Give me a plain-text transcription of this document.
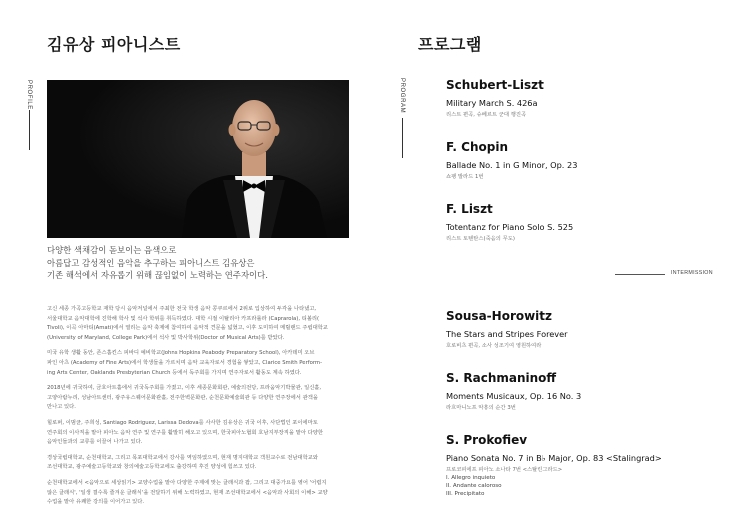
김유상 피아니스트
PROFILE
다양한 색채감이 돋보이는 음색으로
아름답고 감성적인 음악을 추구하는 피아니스트 김유상은
기존 해석에서 자유롭기 위해 끊임없이 노력하는 연주자이다.
고신 세종 가곡고등학교 재학 당시 음악저널에서 주최한 전국 학생 음악 콩쿠르에서 2위로 입상하여 두각을 나타냈고,
서울대학교 음악대학에 진학해 학사 및 석사 학위를 취득하였다. 대학 시절 이탈리아 카프라롤라 (Caprarola), 티볼리(
Tivoli), 이곡 아마티(Amati)에서 열리는 음악 축제에 참여하여 음악적 견문을 넓혔고, 이후 도미하여 메릴랜드 주립대학교
(University of Maryland, College Park)에서 석사 및 박사학위(Doctor of Musical Arts)를 받았다.
미국 유학 생활 동안, 존스홉킨스 피바디 예비학교(Johns Hopkins Peabody Preparatory School), 아카데미 오브
파인 아츠 (Academy of Fine Arts)에서 학생들을 가르치며 음악 교육자로서 경험을 쌓았고, Clarice Smith Perform-
ing Arts Center, Oaklands Presbyterian Church 등에서 독주회를 가지며 연주자로서 활동도 계속 하였다.
2018년에 귀국하여, 금호아트홀에서 귀국독주회를 가졌고, 이후 세종문화회관, 예술의전당, 프라움악기박물관, 일신홀,
고양아람누리, 성남아트센터, 광주유스퀘어문화관홀, 전주한벽문화관, 순천문화예술회관 등 다양한 연주장에서 관객을
만나고 있다.
힐로퍼, 이범균, 주희성, Santiago Rodriguez, Larissa Dedova를 사사한 김유상은 귀국 이후, 사단법인 포이에마토
연주회의 이사직을 맡아 피아노 음악 연주 및 연구를 활발히 해오고 있으며, 한국피아노협회 호남지부장직을 맡아 다양한
음악인들과의 교류를 이끌어 나가고 있다.
경상국립대학교, 순천대학교, 그리고 목포대학교에서 강사를 역임하였으며, 현재 명지대학교 객원교수로 전남대학교와
조선대학교, 광주예술고등학교와 창의예술고등학교에도 출강하며 후진 양성에 힘쓰고 있다.
순천대학교에서 <음악으로 세상읽기> 교양수업을 맡아 다양한 주제에 맞는 클래식과 팝, 그리고 대중가요를 엮어 '어렵지
않은 클래식', '일생 결수록 즐겨운 클래식'을 전달하기 위해 노력하였고, 현재 조선대학교에서 <음악과 사회의 이해> 교양
수업을 맡아 유쾌한 강의를 이어가고 있다.
프로그램
PROGRAM
INTERMISSION
Schubert-Liszt
Military March S. 426a
리스트 편곡, 슈베르트 군대 행진곡
F. Chopin
Ballade No. 1 in G Minor, Op. 23
쇼팽 발라드 1번
F. Liszt
Totentanz for Piano Solo S. 525
리스트 토텐탄스(죽음의 무도)
Sousa-Horowitz
The Stars and Stripes Forever
호로비츠 편곡, 소사 성조기여 영원하여라
S. Rachmaninoff
Moments Musicaux, Op. 16 No. 3
라흐마니노프 악흥의 순간 3번
S. Prokofiev
Piano Sonata No. 7 in B♭ Major, Op. 83 <Stalingrad>
프로코피에프 피아노 소나타 7번 <스탈린그라드>
I. Allegro inquieto
II. Andante caloroso
III. Precipitato
